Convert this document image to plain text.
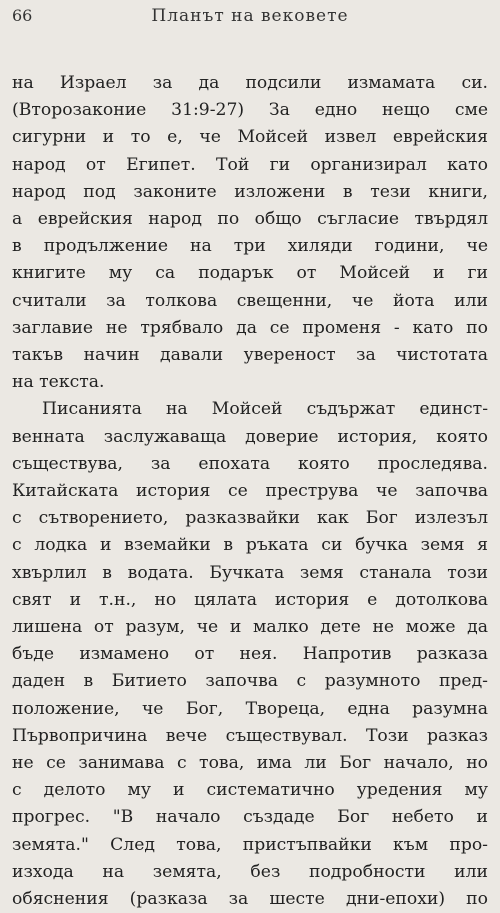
66	Планът на вековете
на Израел за да подсили измамата си.
(Второзаконие 31:9-27) За едно нещо сме
сигурни и то е, че Мойсей извел еврейския
народ от Египет. Той ги организирал като
народ под законите изложени в тези книги,
а еврейския народ по общо съгласие твърдял
в продължение на три хиляди години, че
книгите му са подарък от Мойсей и ги
считали за толкова свещенни, че йота или
заглавие не трябвало да се променя - като по
такъв начин давали увереност за чистотата
на текста.
Писанията на Мойсей съдържат единст-
венната заслужаваща доверие история, която
съществува, за епохата която проследява.
Китайската история се преструва че започва
с сътворението, разказвайки как Бог излезъл
с лодка и вземайки в ръката си бучка земя я
хвърлил в водата. Бучката земя станала този
свят и т.н., но цялата история е дотолкова
лишена от разум, че и малко дете не може да
бъде измамено от нея. Напротив разказа
даден в Битието започва с разумното пред-
положение, че Бог, Твореца, една разумна
Първопричина вече съществувал. Този разказ
не се занимава с това, има ли Бог начало, но
с делото му и систематично уредения му
прогрес. "В начало създаде Бог небето и
земята." След това, пристъпвайки към про-
изхода на земята, без подробности или
обяснения (разказа за шесте дни-епохи) по
